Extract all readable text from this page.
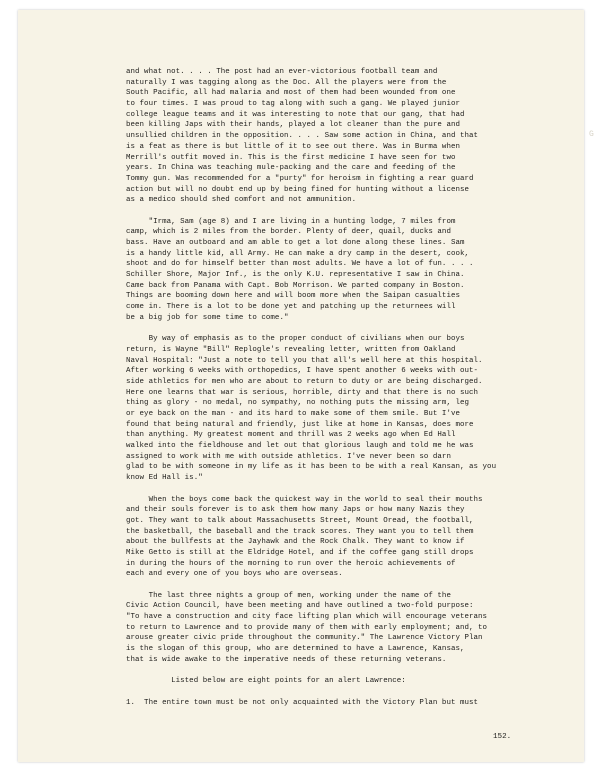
and what not. . . . The post had an ever-victorious football team and
naturally I was tagging along as the Doc. All the players were from the
South Pacific, all had malaria and most of them had been wounded from one
to four times. I was proud to tag along with such a gang. We played junior
college league teams and it was interesting to note that our gang, that had
been killing Japs with their hands, played a lot cleaner than the pure and
unsullied children in the opposition. . . . Saw some action in China, and that
is a feat as there is but little of it to see out there. Was in Burma when
Merrill's outfit moved in. This is the first medicine I have seen for two
years. In China was teaching mule-packing and the care and feeding of the
Tommy gun. Was recommended for a "purty" for heroism in fighting a rear guard
action but will no doubt end up by being fined for hunting without a license
as a medico should shed comfort and not ammunition.
"Irma, Sam (age 8) and I are living in a hunting lodge, 7 miles from
camp, which is 2 miles from the border. Plenty of deer, quail, ducks and
bass. Have an outboard and am able to get a lot done along these lines. Sam
is a handy little kid, all Army. He can make a dry camp in the desert, cook,
shoot and do for himself better than most adults. We have a lot of fun. . . .
Schiller Shore, Major Inf., is the only K.U. representative I saw in China.
Came back from Panama with Capt. Bob Morrison. We parted company in Boston.
Things are booming down here and will boom more when the Saipan casualties
come in. There is a lot to be done yet and patching up the returnees will
be a big job for some time to come."
By way of emphasis as to the proper conduct of civilians when our boys
return, is Wayne "Bill" Replogle's revealing letter, written from Oakland
Naval Hospital: "Just a note to tell you that all's well here at this hospital.
After working 6 weeks with orthopedics, I have spent another 6 weeks with out-
side athletics for men who are about to return to duty or are being discharged.
Here one learns that war is serious, horrible, dirty and that there is no such
thing as glory - no medal, no sympathy, no nothing puts the missing arm, leg
or eye back on the man - and its hard to make some of them smile. But I've
found that being natural and friendly, just like at home in Kansas, does more
than anything. My greatest moment and thrill was 2 weeks ago when Ed Hall
walked into the fieldhouse and let out that glorious laugh and told me he was
assigned to work with me with outside athletics. I've never been so darn
glad to be with someone in my life as it has been to be with a real Kansan, as you
know Ed Hall is."
When the boys come back the quickest way in the world to seal their mouths
and their souls forever is to ask them how many Japs or how many Nazis they
got. They want to talk about Massachusetts Street, Mount Oread, the football,
the basketball, the baseball and the track scores. They want you to tell them
about the bullfests at the Jayhawk and the Rock Chalk. They want to know if
Mike Getto is still at the Eldridge Hotel, and if the coffee gang still drops
in during the hours of the morning to run over the heroic achievements of
each and every one of you boys who are overseas.
The last three nights a group of men, working under the name of the
Civic Action Council, have been meeting and have outlined a two-fold purpose:
"To have a construction and city face lifting plan which will encourage veterans
to return to Lawrence and to provide many of them with early employment; and, to
arouse greater civic pride throughout the community." The Lawrence Victory Plan
is the slogan of this group, who are determined to have a Lawrence, Kansas,
that is wide awake to the imperative needs of these returning veterans.
Listed below are eight points for an alert Lawrence:
1.  The entire town must be not only acquainted with the Victory Plan but must
152.
G
